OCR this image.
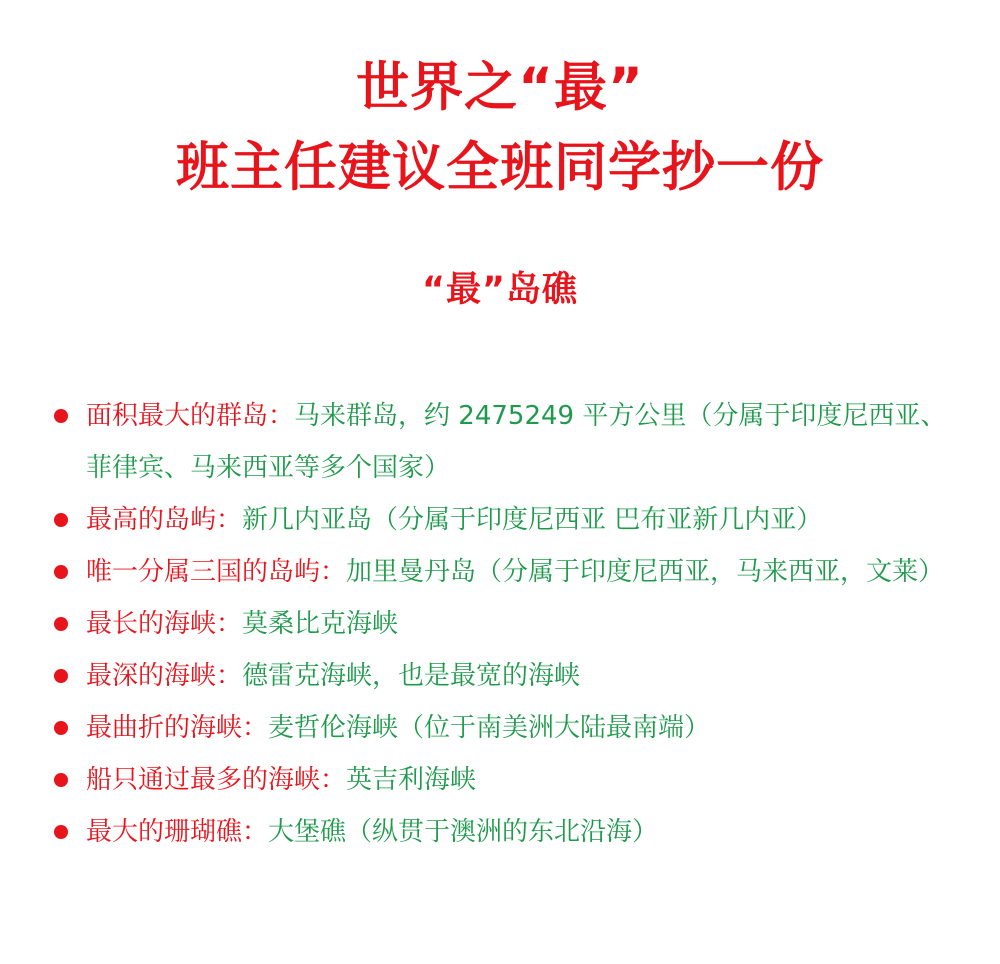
世界之“最”
班主任建议全班同学抄一份
“最”岛礁
面积最大的群岛：马来群岛，约 2475249 平方公里（分属于印度尼西亚、菲律宾、马来西亚等多个国家）
最高的岛屿：新几内亚岛（分属于印度尼西亚 巴布亚新几内亚）
唯一分属三国的岛屿：加里曼丹岛（分属于印度尼西亚，马来西亚，文莱）
最长的海峡：莫桑比克海峡
最深的海峡：德雷克海峡，也是最宽的海峡
最曲折的海峡：麦哲伦海峡（位于南美洲大陆最南端）
船只通过最多的海峡：英吉利海峡
最大的珊瑚礁：大堡礁（纵贯于澳洲的东北沿海）
